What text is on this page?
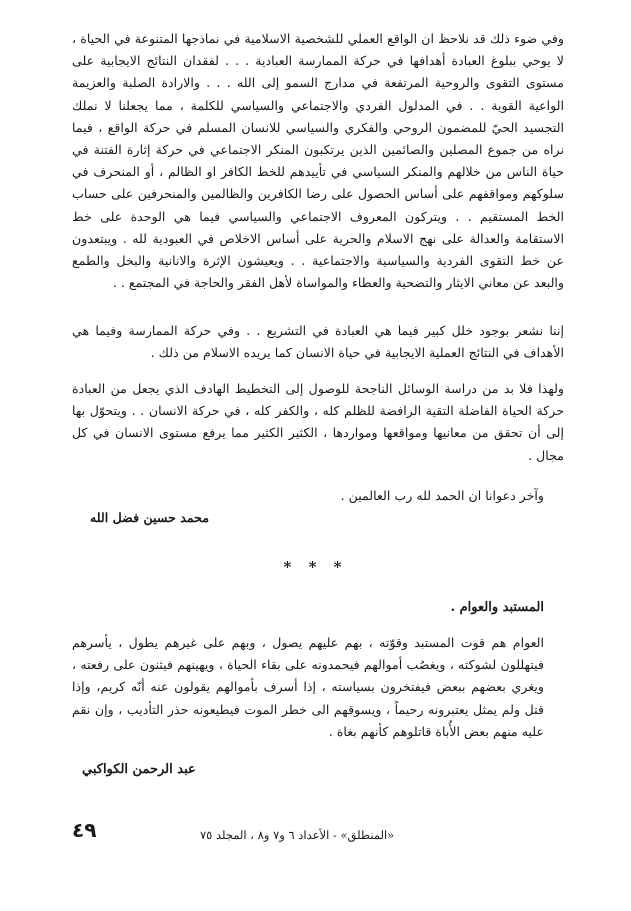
وفي ضوء ذلك قد نلاحظ ان الواقع العملي للشخصية الاسلامية في نماذجها المتنوعة في الحياة ، لا يوحي ببلوغ العبادة أهدافها في حركة الممارسة العبادية . . . لفقدان النتائج الايجابية على مستوى التقوى والروحية المرتفعة في مدارج السمو إلى الله . . . والارادة الصلبة والعزيمة الواعية القوية . . في المدلول الفردي والاجتماعي والسياسي للكلمة ، مما يجعلنا لا نملك التجسيد الحيّ للمضمون الروحي والفكري والسياسي للانسان المسلم في حركة الواقع ، فيما نراه من جموع المصلين والصائمين الذين يرتكبون المنكر الاجتماعي في حركة إثارة الفتنة في حياة الناس من خلالهم والمنكر السياسي في تأييدهم للخط الكافر او الظالم ، أو المنحرف في سلوكهم ومواقفهم على أساس الحصول على رضا الكافرين والظالمين والمنحرفين على حساب الخط المستقيم . . ويتركون المعروف الاجتماعي والسياسي فيما هي الوحدة على خط الاستقامة والعدالة على نهج الاسلام والحرية على أساس الاخلاص في العبودية لله . ويبتعدون عن خط التقوى الفردية والسياسية والاجتماعية . . ويعيشون الإثرة والانانية والبخل والطمع والبعد عن معاني الايثار والتضحية والعطاء والمواساة لأهل الفقر والحاجة في المجتمع . .

إننا نشعر بوجود خلل كبير فيما هي العبادة في التشريع . . وفي حركة الممارسة وفيما هي الأهداف في النتائج العملية الايجابية في حياة الانسان كما يريده الاسلام من ذلك .

ولهذا فلا بد من دراسة الوسائل الناجحة للوصول إلى التخطيط الهادف الذي يجعل من العبادة حركة الحياة الفاضلة التقية الرافضة للظلم كله ، والكفر كله ، في حركة الانسان . . ويتحوّل بها إلى أن تحقق من معانيها ومواقعها ومواردها ، الكثير الكثير مما يرفع مستوى الانسان في كل مجال .

وآخر دعوانا ان الحمد لله رب العالمين .
محمد حسين فضل الله
* * *
المستبد والعوام .

العوام هم قوت المستبد وقوّته ، بهم عليهم يصول ، وبهم على غيرهم يطول ، يأسرهم فيتهللون لشوكته ، ويغصُب أموالهم فيحمدونه على بقاء الحياة ، ويهينهم فيثنون على رفعته ، ويغري بعضهم ببعض فيفتخرون بسياسته ، إذا أسرف بأموالهم يقولون عنه أنّه كريم، وإذا قتل ولم يمثل يعتبرونه رحيماً ، ويسوقهم الى خطر الموت فيطيعونه حذر التأديب ، وإن نقم عليه منهم بعض الأُباة قاتلوهم كأنهم بغاة .

عبد الرحمن الكواكبي
«المنطلق» - الأعداد ٦ و٧ و٨ ، المجلد ٧٥
٤٩
